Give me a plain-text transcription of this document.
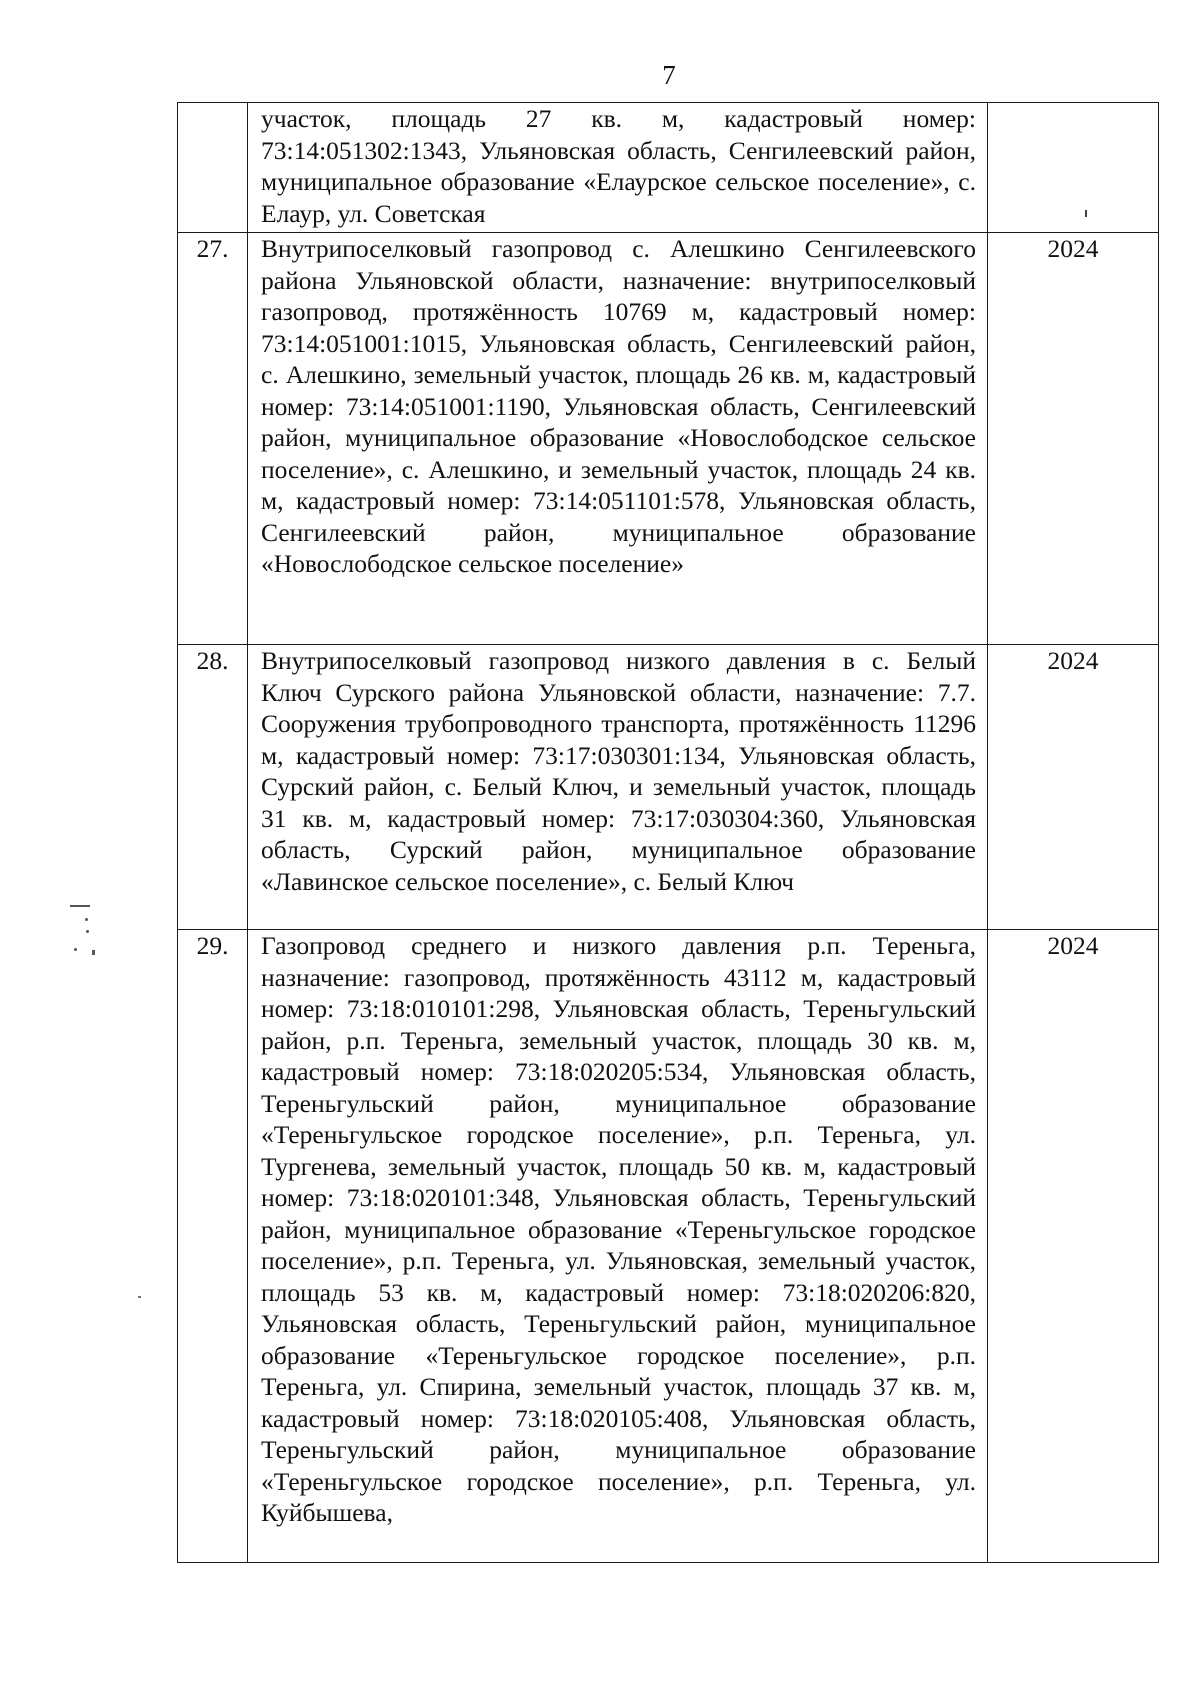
7

	участок, площадь 27 кв. м, кадастровый номер: 73:14:051302:1343, Ульяновская область, Сенгилеевский район, муниципальное образование «Елаурское сельское поселение», с. Елаур, ул. Советская	

27.	Внутрипоселковый газопровод с. Алешкино Сенгилеевского района Ульяновской области, назначение: внутрипоселковый газопровод, протяжённость 10769 м, кадастровый номер: 73:14:051001:1015, Ульяновская область, Сенгилеевский район, с. Алешкино, земельный участок, площадь 26 кв. м, кадастровый номер: 73:14:051001:1190, Ульяновская область, Сенгилеевский район, муниципальное образование «Новослободское сельское поселение», с. Алешкино, и земельный участок, площадь 24 кв. м, кадастровый номер: 73:14:051101:578, Ульяновская область, Сенгилеевский район, муниципальное образование «Новослободское сельское поселение»	2024
28.	Внутрипоселковый газопровод низкого давления в с. Белый Ключ Сурского района Ульяновской области, назначение: 7.7. Сооружения трубопроводного транспорта, протяжённость 11296 м, кадастровый номер: 73:17:030301:134, Ульяновская область, Сурский район, с. Белый Ключ, и земельный участок, площадь 31 кв. м, кадастровый номер: 73:17:030304:360, Ульяновская область, Сурский район, муниципальное образование «Лавинское сельское поселение», с. Белый Ключ	2024
29.	Газопровод среднего и низкого давления р.п. Тереньга, назначение: газопровод, протяжённость 43112 м, кадастровый номер: 73:18:010101:298, Ульяновская область, Тереньгульский район, р.п. Тереньга, земельный участок, площадь 30 кв. м, кадастровый номер: 73:18:020205:534, Ульяновская область, Тереньгульский район, муниципальное образование «Тереньгульское городское поселение», р.п. Тереньга, ул. Тургенева, земельный участок, площадь 50 кв. м, кадастровый номер: 73:18:020101:348, Ульяновская область, Тереньгульский район, муниципальное образование «Тереньгульское городское поселение», р.п. Тереньга, ул. Ульяновская, земельный участок, площадь 53 кв. м, кадастровый номер: 73:18:020206:820, Ульяновская область, Тереньгульский район, муниципальное образование «Тереньгульское городское поселение», р.п. Тереньга, ул. Спирина, земельный участок, площадь 37 кв. м, кадастровый номер: 73:18:020105:408, Ульяновская область, Тереньгульский район, муниципальное образование «Тереньгульское городское поселение», р.п. Тереньга, ул. Куйбышева,	2024
